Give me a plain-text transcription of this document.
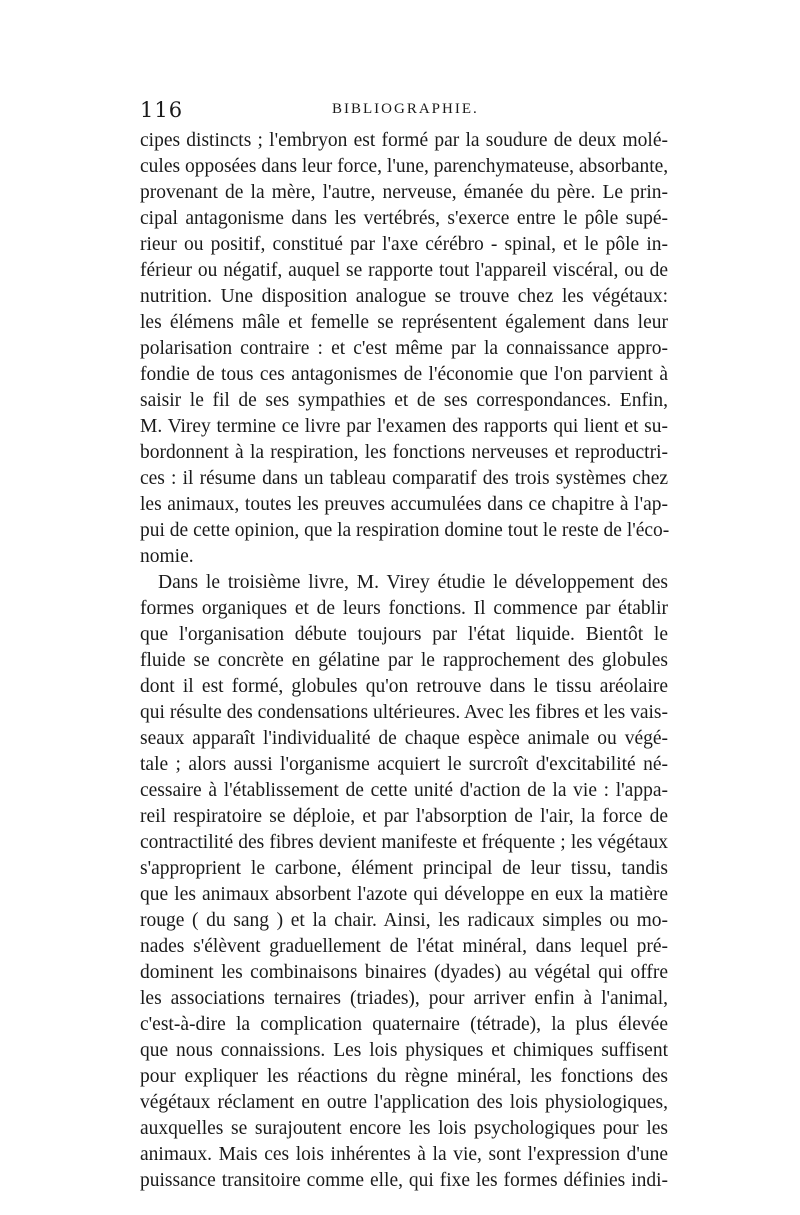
116	BIBLIOGRAPHIE.
cipes distincts ; l'embryon est formé par la soudure de deux molé-
cules opposées dans leur force, l'une, parenchymateuse, absorbante,
provenant de la mère, l'autre, nerveuse, émanée du père. Le prin-
cipal antagonisme dans les vertébrés, s'exerce entre le pôle supé-
rieur ou positif, constitué par l'axe cérébro - spinal, et le pôle in-
férieur ou négatif, auquel se rapporte tout l'appareil viscéral, ou de
nutrition. Une disposition analogue se trouve chez les végétaux:
les élémens mâle et femelle se représentent également dans leur
polarisation contraire : et c'est même par la connaissance appro-
fondie de tous ces antagonismes de l'économie que l'on parvient à
saisir le fil de ses sympathies et de ses correspondances. Enfin,
M. Virey termine ce livre par l'examen des rapports qui lient et su-
bordonnent à la respiration, les fonctions nerveuses et reproductri-
ces : il résume dans un tableau comparatif des trois systèmes chez
les animaux, toutes les preuves accumulées dans ce chapitre à l'ap-
pui de cette opinion, que la respiration domine tout le reste de l'éco-
nomie.
Dans le troisième livre, M. Virey étudie le développement des
formes organiques et de leurs fonctions. Il commence par établir
que l'organisation débute toujours par l'état liquide. Bientôt le
fluide se concrète en gélatine par le rapprochement des globules
dont il est formé, globules qu'on retrouve dans le tissu aréolaire
qui résulte des condensations ultérieures. Avec les fibres et les vais-
seaux apparaît l'individualité de chaque espèce animale ou végé-
tale ; alors aussi l'organisme acquiert le surcroît d'excitabilité né-
cessaire à l'établissement de cette unité d'action de la vie : l'appa-
reil respiratoire se déploie, et par l'absorption de l'air, la force de
contractilité des fibres devient manifeste et fréquente ; les végétaux
s'approprient le carbone, élément principal de leur tissu, tandis
que les animaux absorbent l'azote qui développe en eux la matière
rouge ( du sang ) et la chair. Ainsi, les radicaux simples ou mo-
nades s'élèvent graduellement de l'état minéral, dans lequel pré-
dominent les combinaisons binaires (dyades) au végétal qui offre
les associations ternaires (triades), pour arriver enfin à l'animal,
c'est-à-dire la complication quaternaire (tétrade), la plus élevée
que nous connaissions. Les lois physiques et chimiques suffisent
pour expliquer les réactions du règne minéral, les fonctions des
végétaux réclament en outre l'application des lois physiologiques,
auxquelles se surajoutent encore les lois psychologiques pour les
animaux. Mais ces lois inhérentes à la vie, sont l'expression d'une
puissance transitoire comme elle, qui fixe les formes définies indi-
